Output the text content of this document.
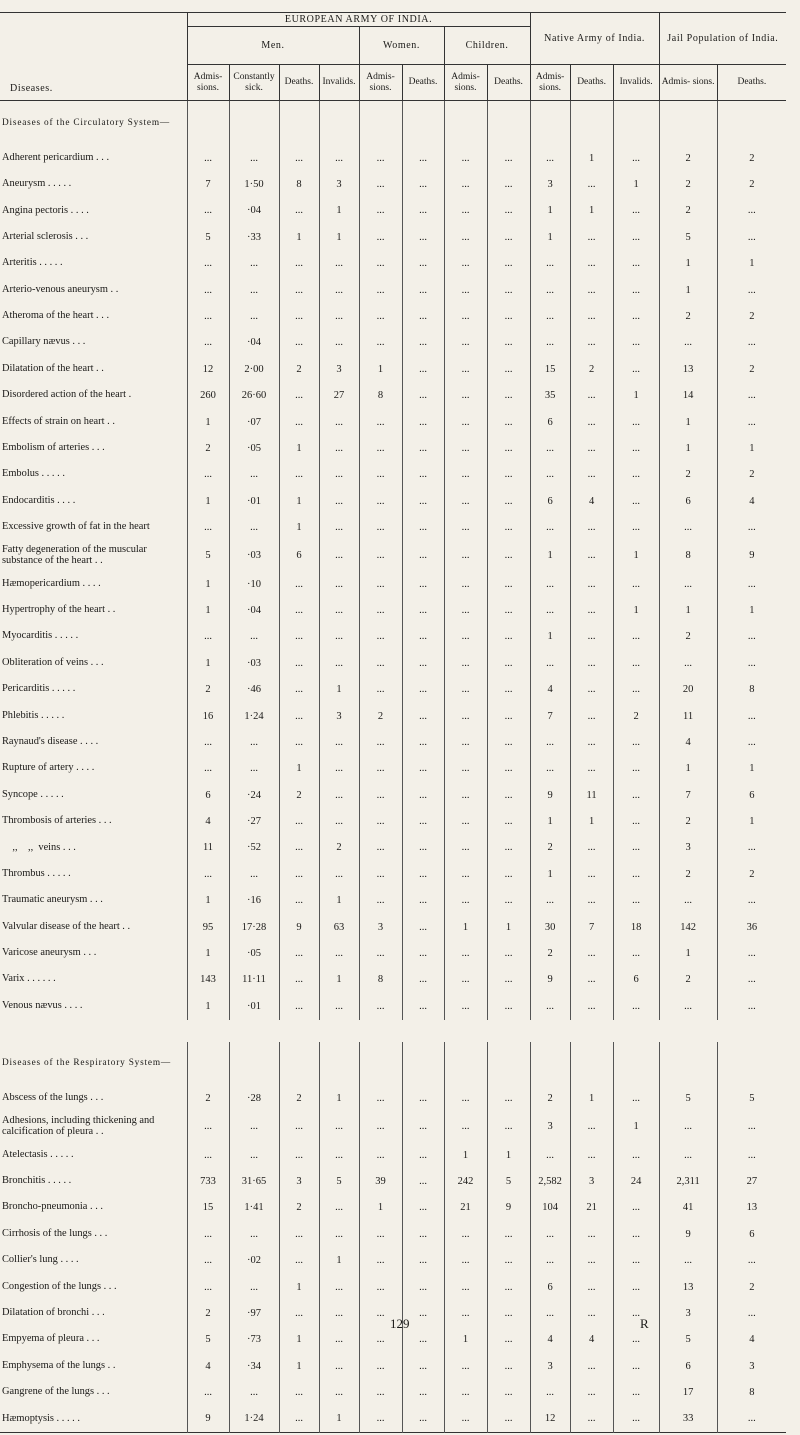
Diseases.	EUROPEAN ARMY OF INDIA.								Native Army of India.			Jail Population of India.	
	Men.				Women.		Children.						
	Admis- sions.	Constantly sick.	Deaths.	Invalids.	Admis- sions.	Deaths.	Admis- sions.	Deaths.	Admis- sions.	Deaths.	Invalids.	Admis- sions.	Deaths.
Diseases of the Circulatory System—													
Adherent pericardium . . .	...	...	...	...	...	...	...	...	...	1	...	2	2
Aneurysm . . . . .	7	1·50	8	3	...	...	...	...	3	...	1	2	2
Angina pectoris . . . .	...	·04	...	1	...	...	...	...	1	1	...	2	...
Arterial sclerosis . . .	5	·33	1	1	...	...	...	...	1	...	...	5	...
Arteritis . . . . .	...	...	...	...	...	...	...	...	...	...	...	1	1
Arterio-venous aneurysm . .	...	...	...	...	...	...	...	...	...	...	...	1	...
Atheroma of the heart . . .	...	...	...	...	...	...	...	...	...	...	...	2	2
Capillary nævus . . .	...	·04	...	...	...	...	...	...	...	...	...	...	...
Dilatation of the heart . .	12	2·00	2	3	1	...	...	...	15	2	...	13	2
Disordered action of the heart .	260	26·60	...	27	8	...	...	...	35	...	1	14	...
Effects of strain on heart . .	1	·07	...	...	...	...	...	...	6	...	...	1	...
Embolism of arteries . . .	2	·05	1	...	...	...	...	...	...	...	...	1	1
Embolus . . . . .	...	...	...	...	...	...	...	...	...	...	...	2	2
Endocarditis . . . .	1	·01	1	...	...	...	...	...	6	4	...	6	4
Excessive growth of fat in the heart	...	...	1	...	...	...	...	...	...	...	...	...	...
Fatty degeneration of the muscular substance of the heart . .	5	·03	6	...	...	...	...	...	1	...	1	8	9
Hæmopericardium . . . .	1	·10	...	...	...	...	...	...	...	...	...	...	...
Hypertrophy of the heart . .	1	·04	...	...	...	...	...	...	...	...	1	1	1
Myocarditis . . . . .	...	...	...	...	...	...	...	...	1	...	...	2	...
Obliteration of veins . . .	1	·03	...	...	...	...	...	...	...	...	...	...	...
Pericarditis . . . . .	2	·46	...	1	...	...	...	...	4	...	...	20	8
Phlebitis . . . . .	16	1·24	...	3	2	...	...	...	7	...	2	11	...
Raynaud's disease . . . .	...	...	...	...	...	...	...	...	...	...	...	4	...
Rupture of artery . . . .	...	...	1	...	...	...	...	...	...	...	...	1	1
Syncope . . . . .	6	·24	2	...	...	...	...	...	9	11	...	7	6
Thrombosis of arteries . . .	4	·27	...	...	...	...	...	...	1	1	...	2	1
,,    ,,  veins . . .	11	·52	...	2	...	...	...	...	2	...	...	3	...
Thrombus . . . . .	...	...	...	...	...	...	...	...	1	...	...	2	2
Traumatic aneurysm . . .	1	·16	...	1	...	...	...	...	...	...	...	...	...
Valvular disease of the heart . .	95	17·28	9	63	3	...	1	1	30	7	18	142	36
Varicose aneurysm . . .	1	·05	...	...	...	...	...	...	2	...	...	1	...
Varix . . . . . .	143	11·11	...	1	8	...	...	...	9	...	6	2	...
Venous nævus . . . .	1	·01	...	...	...	...	...	...	...	...	...	...	...

Diseases of the Respiratory System—													
Abscess of the lungs . . .	2	·28	2	1	...	...	...	...	2	1	...	5	5
Adhesions, including thickening and calcification of pleura . .	...	...	...	...	...	...	...	...	3	...	1	...	...
Atelectasis . . . . .	...	...	...	...	...	...	1	1	...	...	...	...	...
Bronchitis . . . . .	733	31·65	3	5	39	...	242	5	2,582	3	24	2,311	27
Broncho-pneumonia . . .	15	1·41	2	...	1	...	21	9	104	21	...	41	13
Cirrhosis of the lungs . . .	...	...	...	...	...	...	...	...	...	...	...	9	6
Collier's lung . . . .	...	·02	...	1	...	...	...	...	...	...	...	...	...
Congestion of the lungs . . .	...	...	1	...	...	...	...	...	6	...	...	13	2
Dilatation of bronchi . . .	2	·97	...	...	...	...	...	...	...	...	...	3	...
Empyema of pleura . . .	5	·73	1	...	...	...	1	...	4	4	...	5	4
Emphysema of the lungs . .	4	·34	1	...	...	...	...	...	3	...	...	6	3
Gangrene of the lungs . . .	...	...	...	...	...	...	...	...	...	...	...	17	8
Hæmoptysis . . . . .	9	1·24	...	1	...	...	...	...	12	...	...	33	...

129	R
